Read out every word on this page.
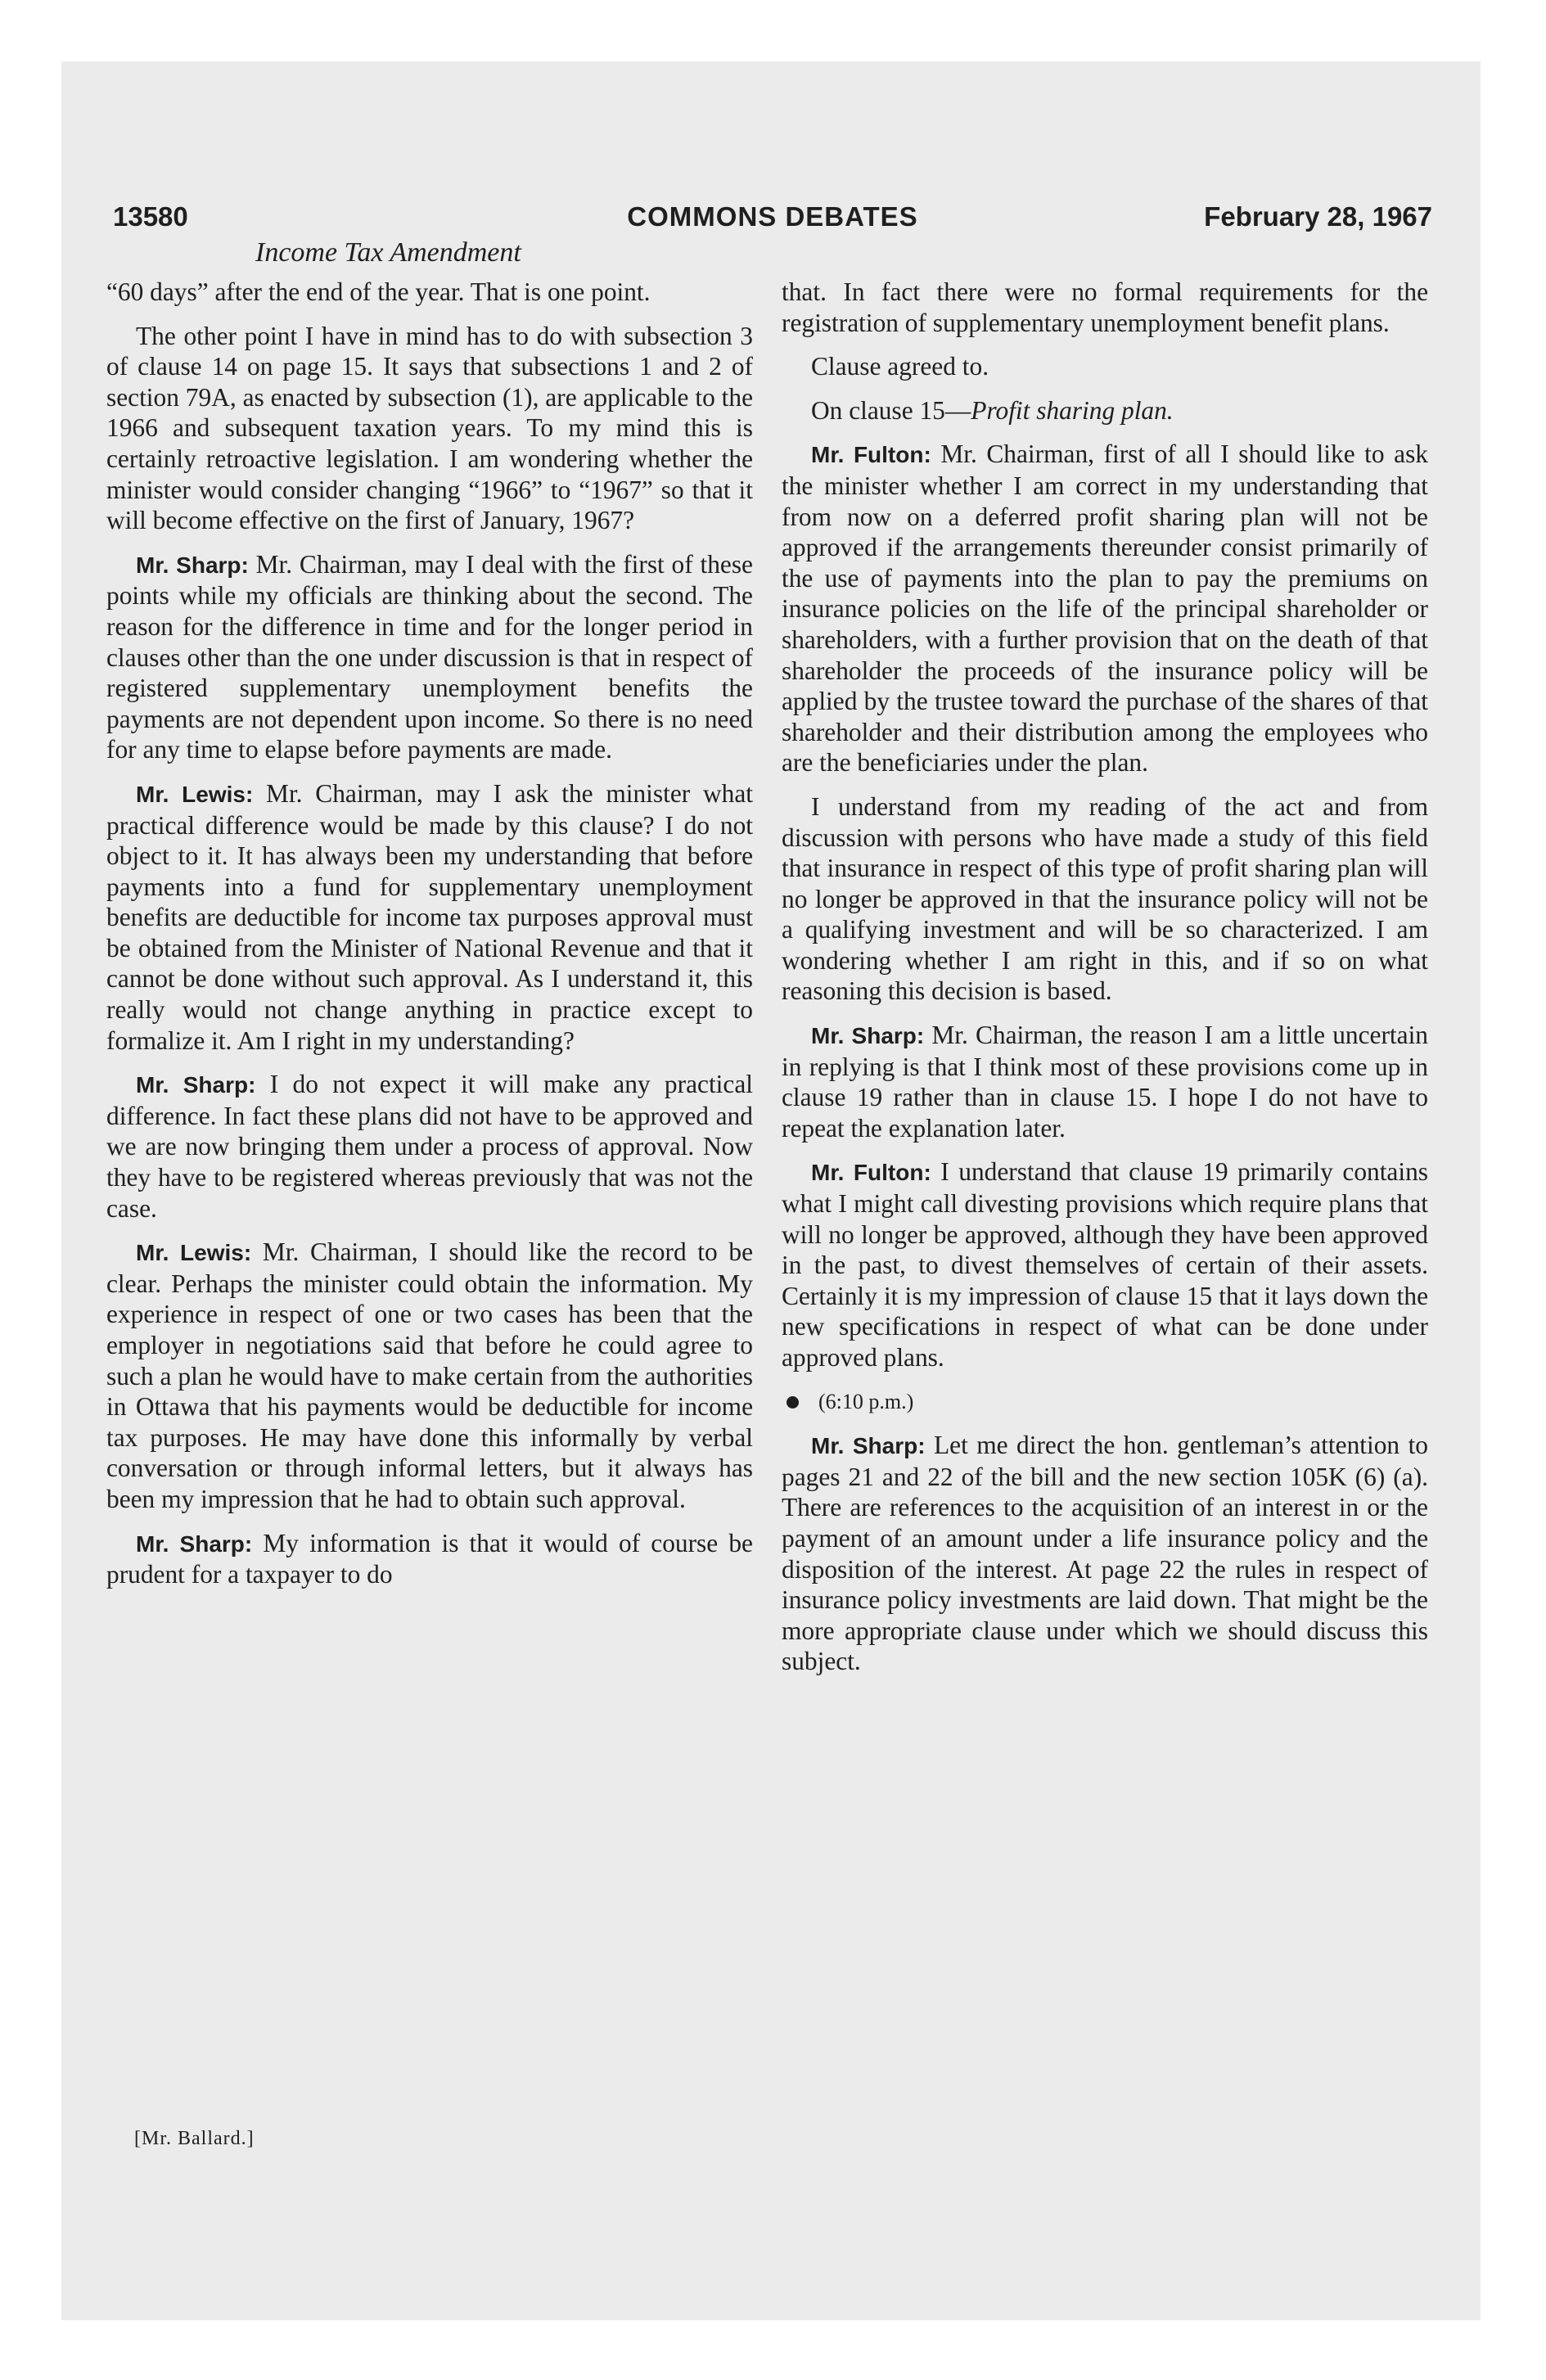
13580	COMMONS DEBATES	February 28, 1967
Income Tax Amendment

“60 days” after the end of the year. That is one point.

The other point I have in mind has to do with subsection 3 of clause 14 on page 15. It says that subsections 1 and 2 of section 79A, as enacted by subsection (1), are applicable to the 1966 and subsequent taxation years. To my mind this is certainly retroactive legislation. I am wondering whether the minister would consider changing “1966” to “1967” so that it will become effective on the first of January, 1967?

Mr. Sharp: Mr. Chairman, may I deal with the first of these points while my officials are thinking about the second. The reason for the difference in time and for the longer period in clauses other than the one under discussion is that in respect of registered supplementary unemployment benefits the payments are not dependent upon income. So there is no need for any time to elapse before payments are made.

Mr. Lewis: Mr. Chairman, may I ask the minister what practical difference would be made by this clause? I do not object to it. It has always been my understanding that before payments into a fund for supplementary unemployment benefits are deductible for income tax purposes approval must be obtained from the Minister of National Revenue and that it cannot be done without such approval. As I understand it, this really would not change anything in practice except to formalize it. Am I right in my understanding?

Mr. Sharp: I do not expect it will make any practical difference. In fact these plans did not have to be approved and we are now bringing them under a process of approval. Now they have to be registered whereas previously that was not the case.

Mr. Lewis: Mr. Chairman, I should like the record to be clear. Perhaps the minister could obtain the information. My experience in respect of one or two cases has been that the employer in negotiations said that before he could agree to such a plan he would have to make certain from the authorities in Ottawa that his payments would be deductible for income tax purposes. He may have done this informally by verbal conversation or through informal letters, but it always has been my impression that he had to obtain such approval.

Mr. Sharp: My information is that it would of course be prudent for a taxpayer to do

[Mr. Ballard.]

that. In fact there were no formal requirements for the registration of supplementary unemployment benefit plans.

Clause agreed to.

On clause 15—Profit sharing plan.

Mr. Fulton: Mr. Chairman, first of all I should like to ask the minister whether I am correct in my understanding that from now on a deferred profit sharing plan will not be approved if the arrangements thereunder consist primarily of the use of payments into the plan to pay the premiums on insurance policies on the life of the principal shareholder or shareholders, with a further provision that on the death of that shareholder the proceeds of the insurance policy will be applied by the trustee toward the purchase of the shares of that shareholder and their distribution among the employees who are the beneficiaries under the plan.

I understand from my reading of the act and from discussion with persons who have made a study of this field that insurance in respect of this type of profit sharing plan will no longer be approved in that the insurance policy will not be a qualifying investment and will be so characterized. I am wondering whether I am right in this, and if so on what reasoning this decision is based.

Mr. Sharp: Mr. Chairman, the reason I am a little uncertain in replying is that I think most of these provisions come up in clause 19 rather than in clause 15. I hope I do not have to repeat the explanation later.

Mr. Fulton: I understand that clause 19 primarily contains what I might call divesting provisions which require plans that will no longer be approved, although they have been approved in the past, to divest themselves of certain of their assets. Certainly it is my impression of clause 15 that it lays down the new specifications in respect of what can be done under approved plans.

(6:10 p.m.)

Mr. Sharp: Let me direct the hon. gentleman’s attention to pages 21 and 22 of the bill and the new section 105K (6) (a). There are references to the acquisition of an interest in or the payment of an amount under a life insurance policy and the disposition of the interest. At page 22 the rules in respect of insurance policy investments are laid down. That might be the more appropriate clause under which we should discuss this subject.
